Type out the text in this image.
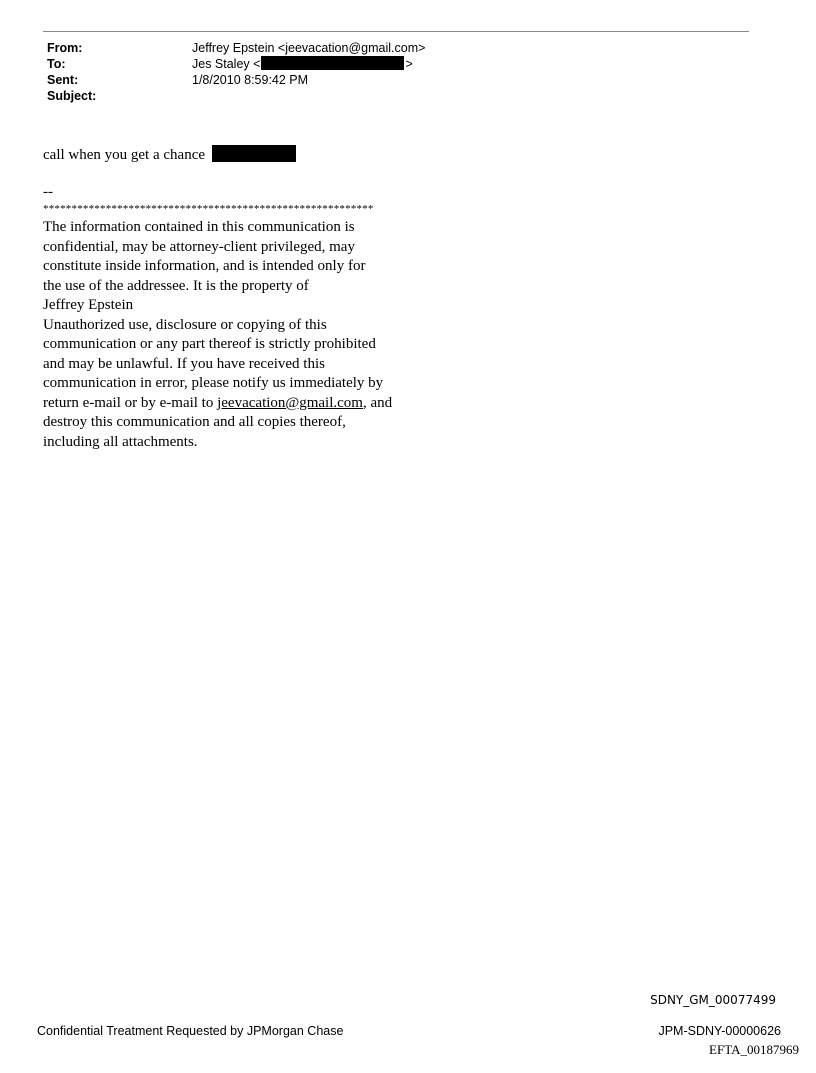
From:	Jeffrey Epstein <jeevacation@gmail.com>
To:	Jes Staley <	>
Sent:	1/8/2010 8:59:42 PM
Subject:
call when you get a chance
--
**********************************************************
The information contained in this communication is
confidential, may be attorney-client privileged, may
constitute inside information, and is intended only for
the use of the addressee. It is the property of
Jeffrey Epstein
Unauthorized use, disclosure or copying of this
communication or any part thereof is strictly prohibited
and may be unlawful. If you have received this
communication in error, please notify us immediately by
return e-mail or by e-mail to jeevacation@gmail.com, and
destroy this communication and all copies thereof,
including all attachments.
SDNY_GM_00077499
Confidential Treatment Requested by JPMorgan Chase	JPM-SDNY-00000626
EFTA_00187969
